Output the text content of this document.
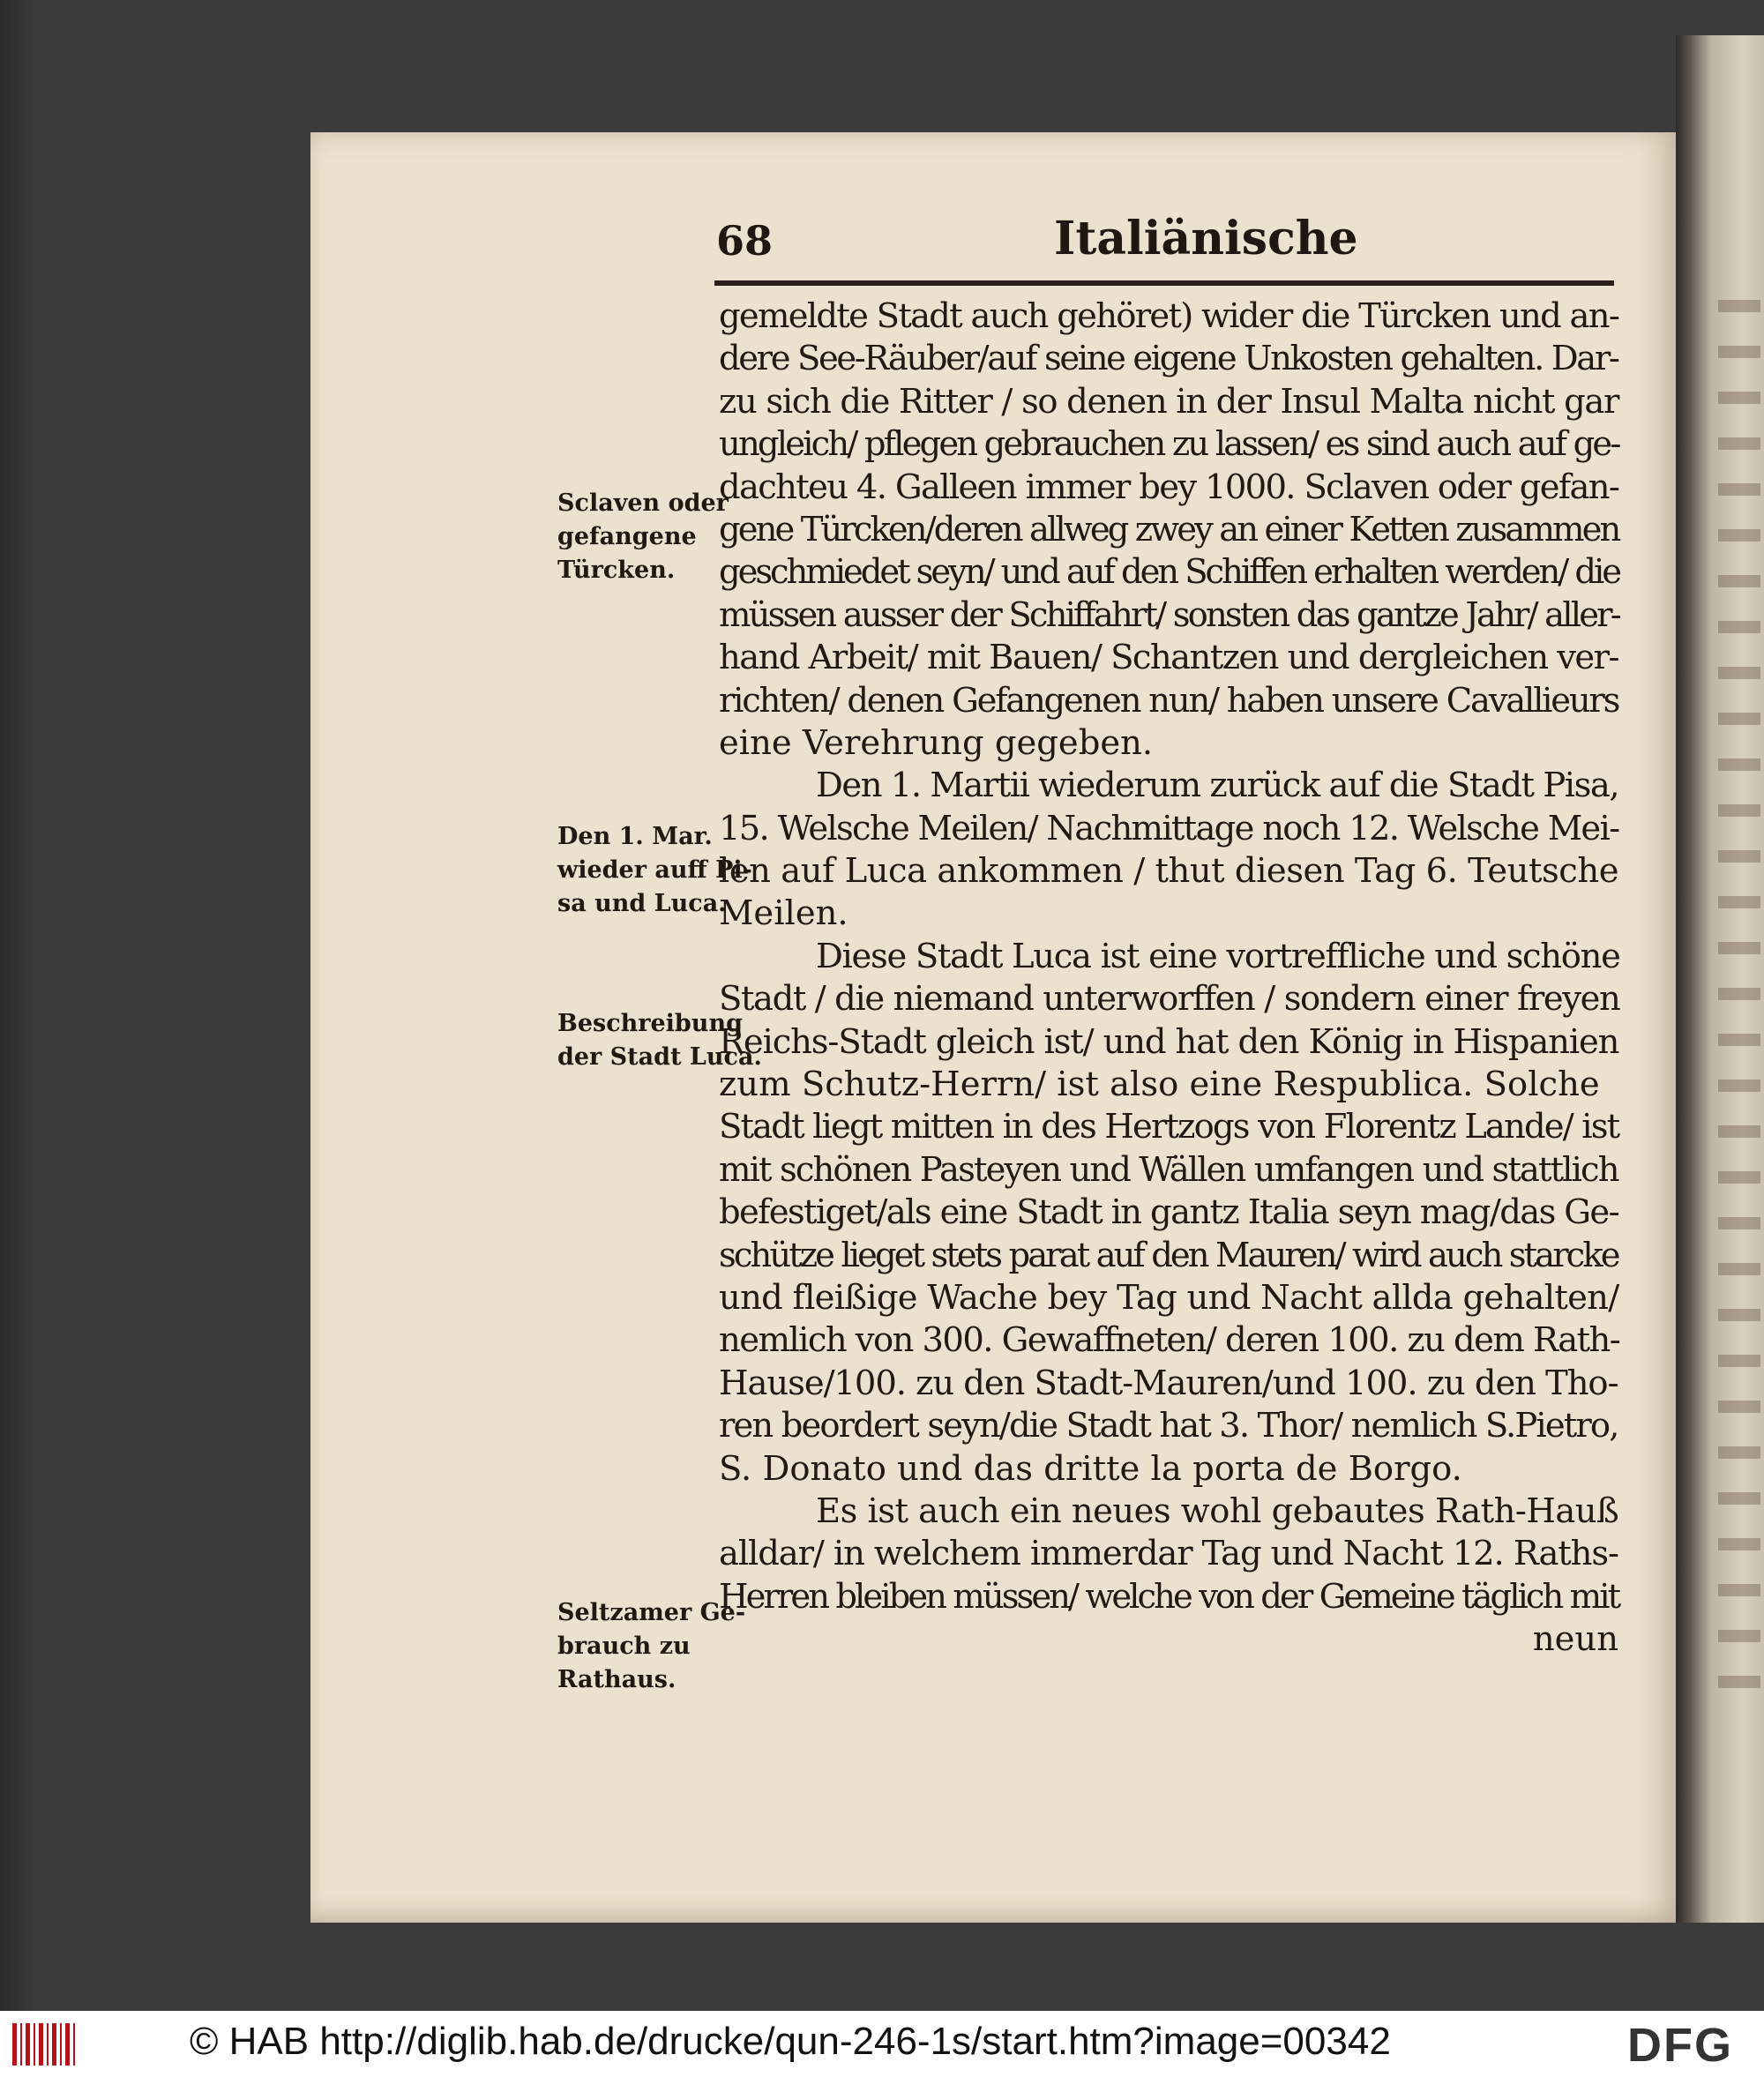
68	Italiänische
gemeldte Stadt auch gehöret) wider die Türcken und an-
dere See-Räuber/auf seine eigene Unkosten gehalten. Dar-
zu sich die Ritter / so denen in der Insul Malta nicht gar
ungleich/ pflegen gebrauchen zu lassen/ es sind auch auf ge-
dachteu 4. Galleen immer bey 1000. Sclaven oder gefan-
gene Türcken/deren allweg zwey an einer Ketten zusammen
geschmiedet seyn/ und auf den Schiffen erhalten werden/ die
müssen ausser der Schiffahrt/ sonsten das gantze Jahr/ aller-
hand Arbeit/ mit Bauen/ Schantzen und dergleichen ver-
richten/ denen Gefangenen nun/ haben unsere Cavallieurs
eine Verehrung gegeben.
Den 1. Martii wiederum zurück auf die Stadt Pisa,
15. Welsche Meilen/ Nachmittage noch 12. Welsche Mei-
len auf Luca ankommen / thut diesen Tag 6. Teutsche
Meilen.
Diese Stadt Luca ist eine vortreffliche und schöne
Stadt / die niemand unterworffen / sondern einer freyen
Reichs-Stadt gleich ist/ und hat den König in Hispanien
zum Schutz-Herrn/ ist also eine Respublica. Solche
Stadt liegt mitten in des Hertzogs von Florentz Lande/ ist
mit schönen Pasteyen und Wällen umfangen und stattlich
befestiget/als eine Stadt in gantz Italia seyn mag/das Ge-
schütze lieget stets parat auf den Mauren/ wird auch starcke
und fleißige Wache bey Tag und Nacht allda gehalten/
nemlich von 300. Gewaffneten/ deren 100. zu dem Rath-
Hause/100. zu den Stadt-Mauren/und 100. zu den Tho-
ren beordert seyn/die Stadt hat 3. Thor/ nemlich S.Pietro,
S. Donato und das dritte la porta de Borgo.
Es ist auch ein neues wohl gebautes Rath-Hauß
alldar/ in welchem immerdar Tag und Nacht 12. Raths-
Herren bleiben müssen/ welche von der Gemeine täglich mit
neun
Sclaven oder
gefangene
Türcken.
Den 1. Mar.
wieder auff Pi-
sa und Luca.
Beschreibung
der Stadt Luca.
Seltzamer Ge-
brauch zu
Rathaus.
© HAB http://diglib.hab.de/drucke/qun-246-1s/start.htm?image=00342	DFG
